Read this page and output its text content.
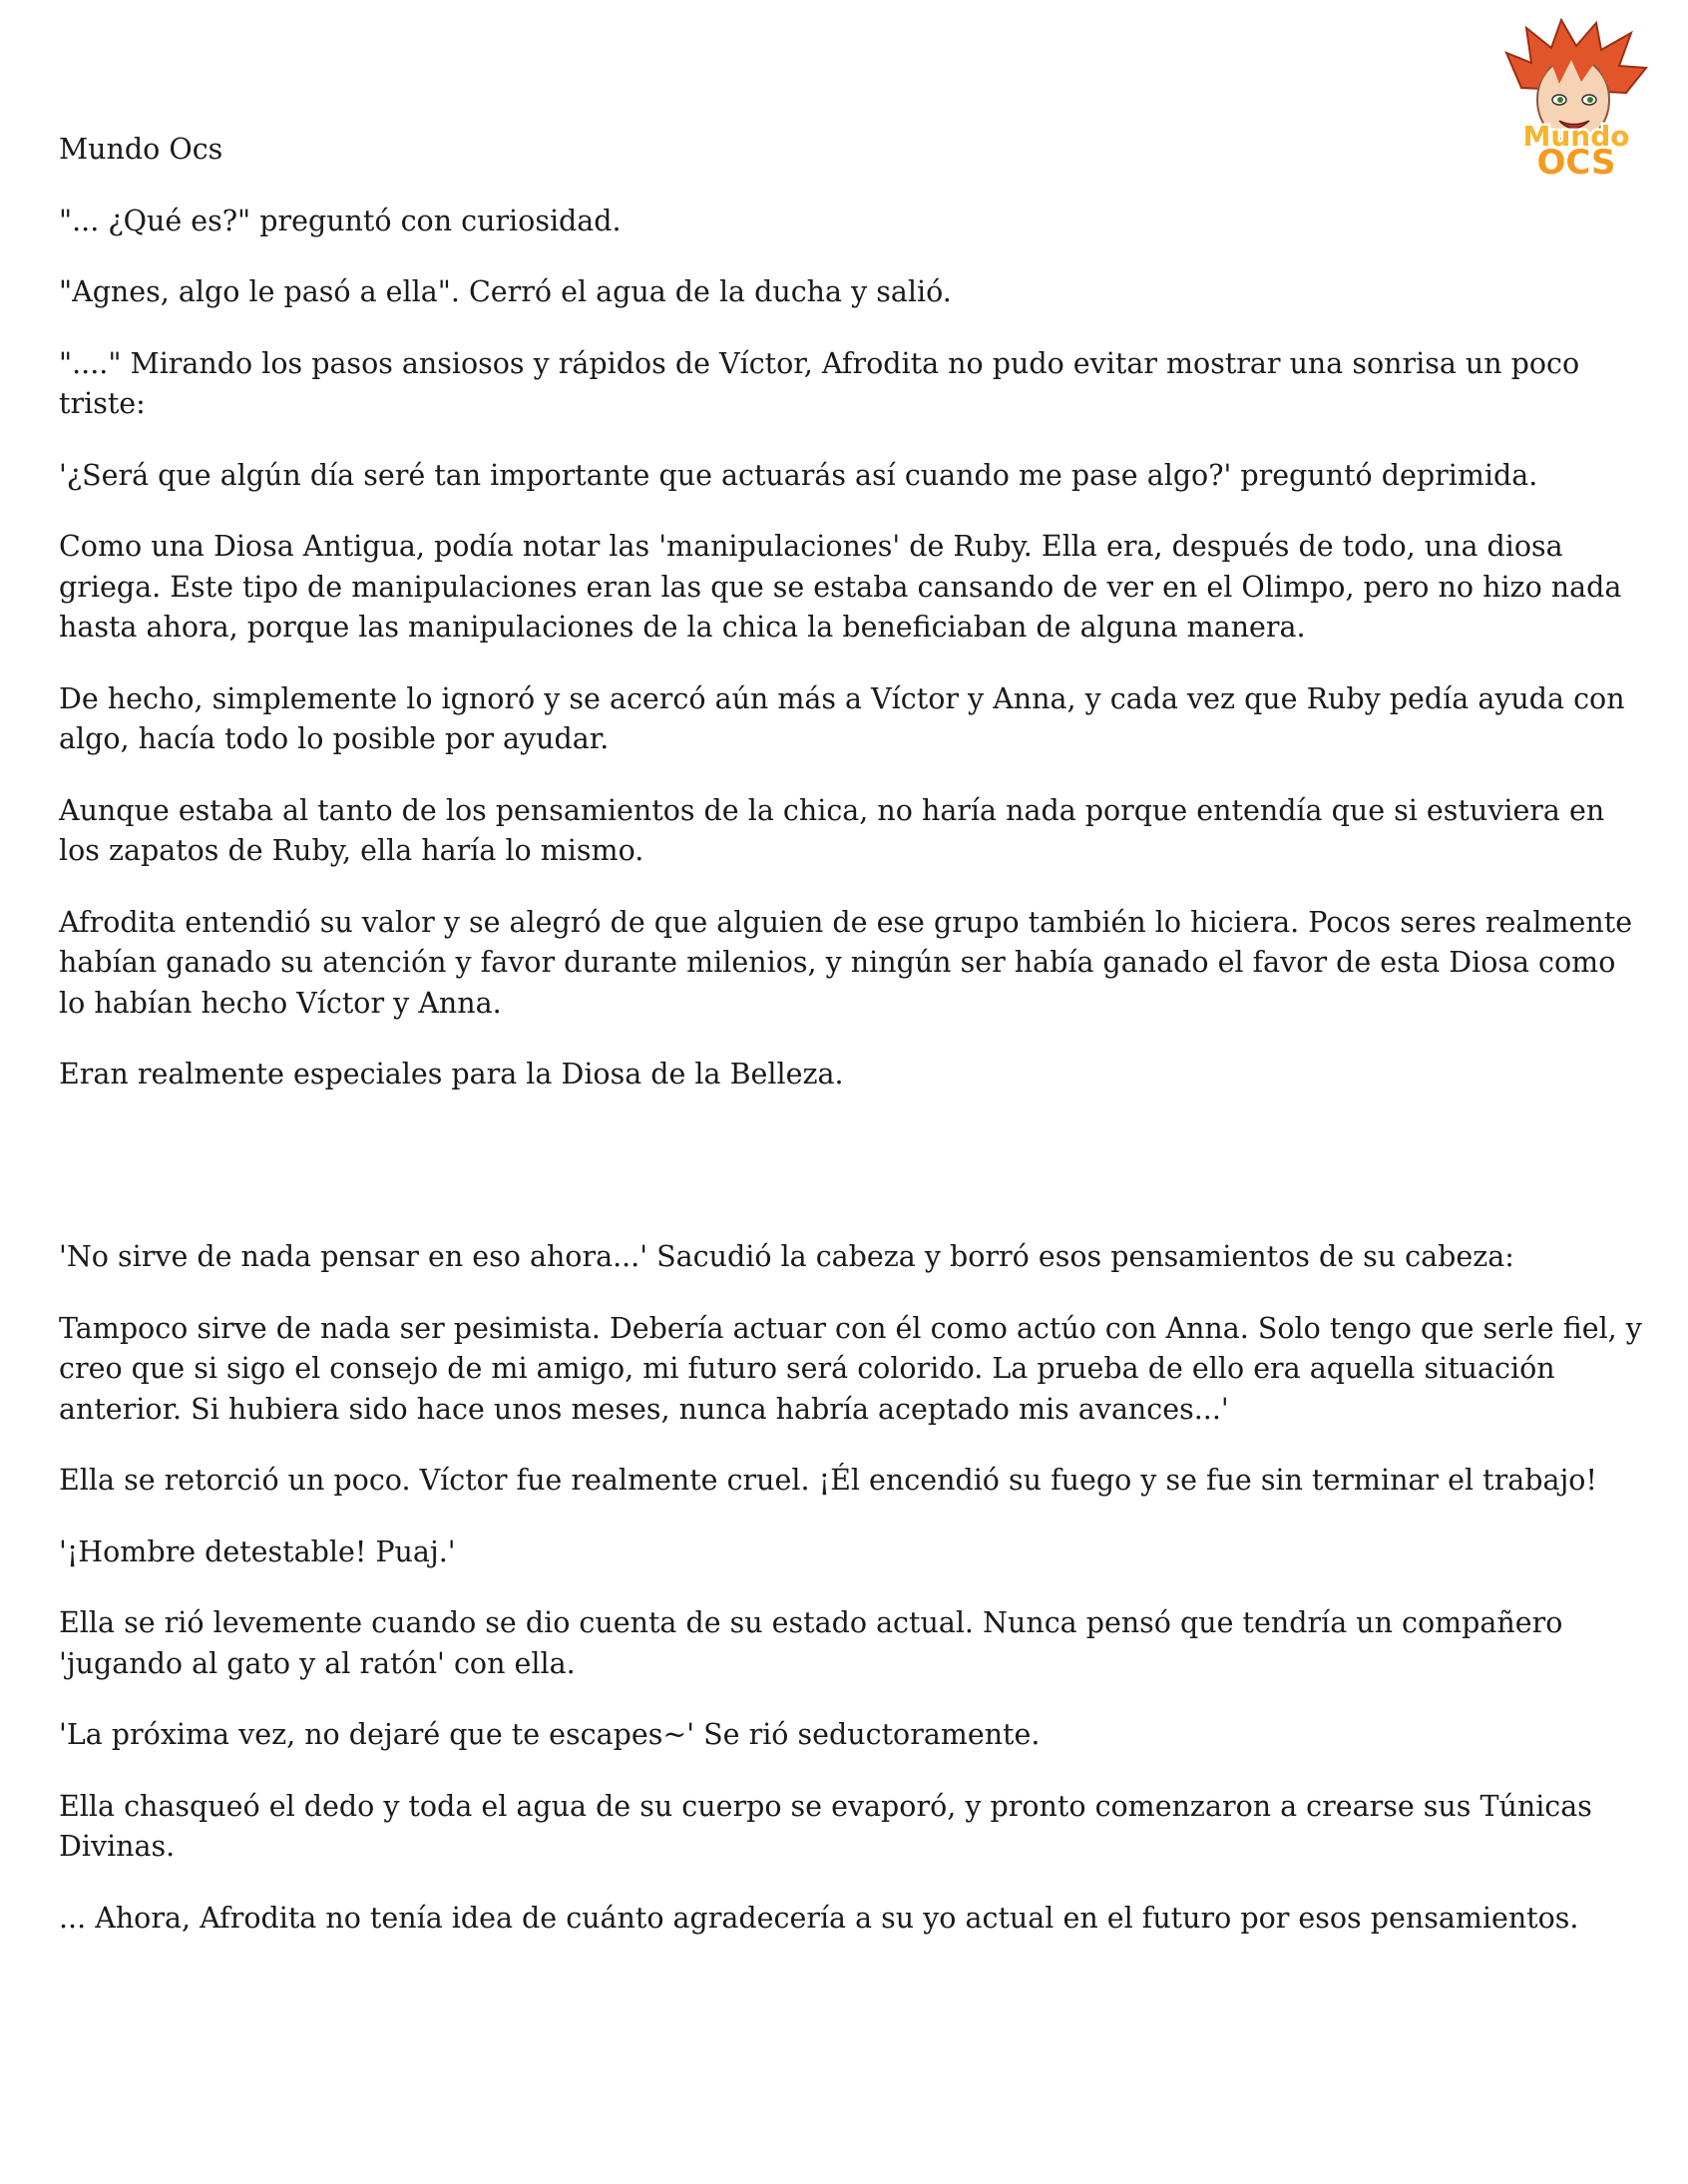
Mundo
OCS

Mundo Ocs

"... ¿Qué es?" preguntó con curiosidad.

"Agnes, algo le pasó a ella". Cerró el agua de la ducha y salió.

"...." Mirando los pasos ansiosos y rápidos de Víctor, Afrodita no pudo evitar mostrar una sonrisa un poco triste:

'¿Será que algún día seré tan importante que actuarás así cuando me pase algo?' preguntó deprimida.

Como una Diosa Antigua, podía notar las 'manipulaciones' de Ruby. Ella era, después de todo, una diosa griega. Este tipo de manipulaciones eran las que se estaba cansando de ver en el Olimpo, pero no hizo nada hasta ahora, porque las manipulaciones de la chica la beneficiaban de alguna manera.

De hecho, simplemente lo ignoró y se acercó aún más a Víctor y Anna, y cada vez que Ruby pedía ayuda con algo, hacía todo lo posible por ayudar.

Aunque estaba al tanto de los pensamientos de la chica, no haría nada porque entendía que si estuviera en los zapatos de Ruby, ella haría lo mismo.

Afrodita entendió su valor y se alegró de que alguien de ese grupo también lo hiciera. Pocos seres realmente habían ganado su atención y favor durante milenios, y ningún ser había ganado el favor de esta Diosa como lo habían hecho Víctor y Anna.

Eran realmente especiales para la Diosa de la Belleza.

'No sirve de nada pensar en eso ahora...' Sacudió la cabeza y borró esos pensamientos de su cabeza:

Tampoco sirve de nada ser pesimista. Debería actuar con él como actúo con Anna. Solo tengo que serle fiel, y creo que si sigo el consejo de mi amigo, mi futuro será colorido. La prueba de ello era aquella situación anterior. Si hubiera sido hace unos meses, nunca habría aceptado mis avances...'

Ella se retorció un poco. Víctor fue realmente cruel. ¡Él encendió su fuego y se fue sin terminar el trabajo!

'¡Hombre detestable! Puaj.'

Ella se rió levemente cuando se dio cuenta de su estado actual. Nunca pensó que tendría un compañero 'jugando al gato y al ratón' con ella.

'La próxima vez, no dejaré que te escapes~' Se rió seductoramente.

Ella chasqueó el dedo y toda el agua de su cuerpo se evaporó, y pronto comenzaron a crearse sus Túnicas Divinas.

... Ahora, Afrodita no tenía idea de cuánto agradecería a su yo actual en el futuro por esos pensamientos.
